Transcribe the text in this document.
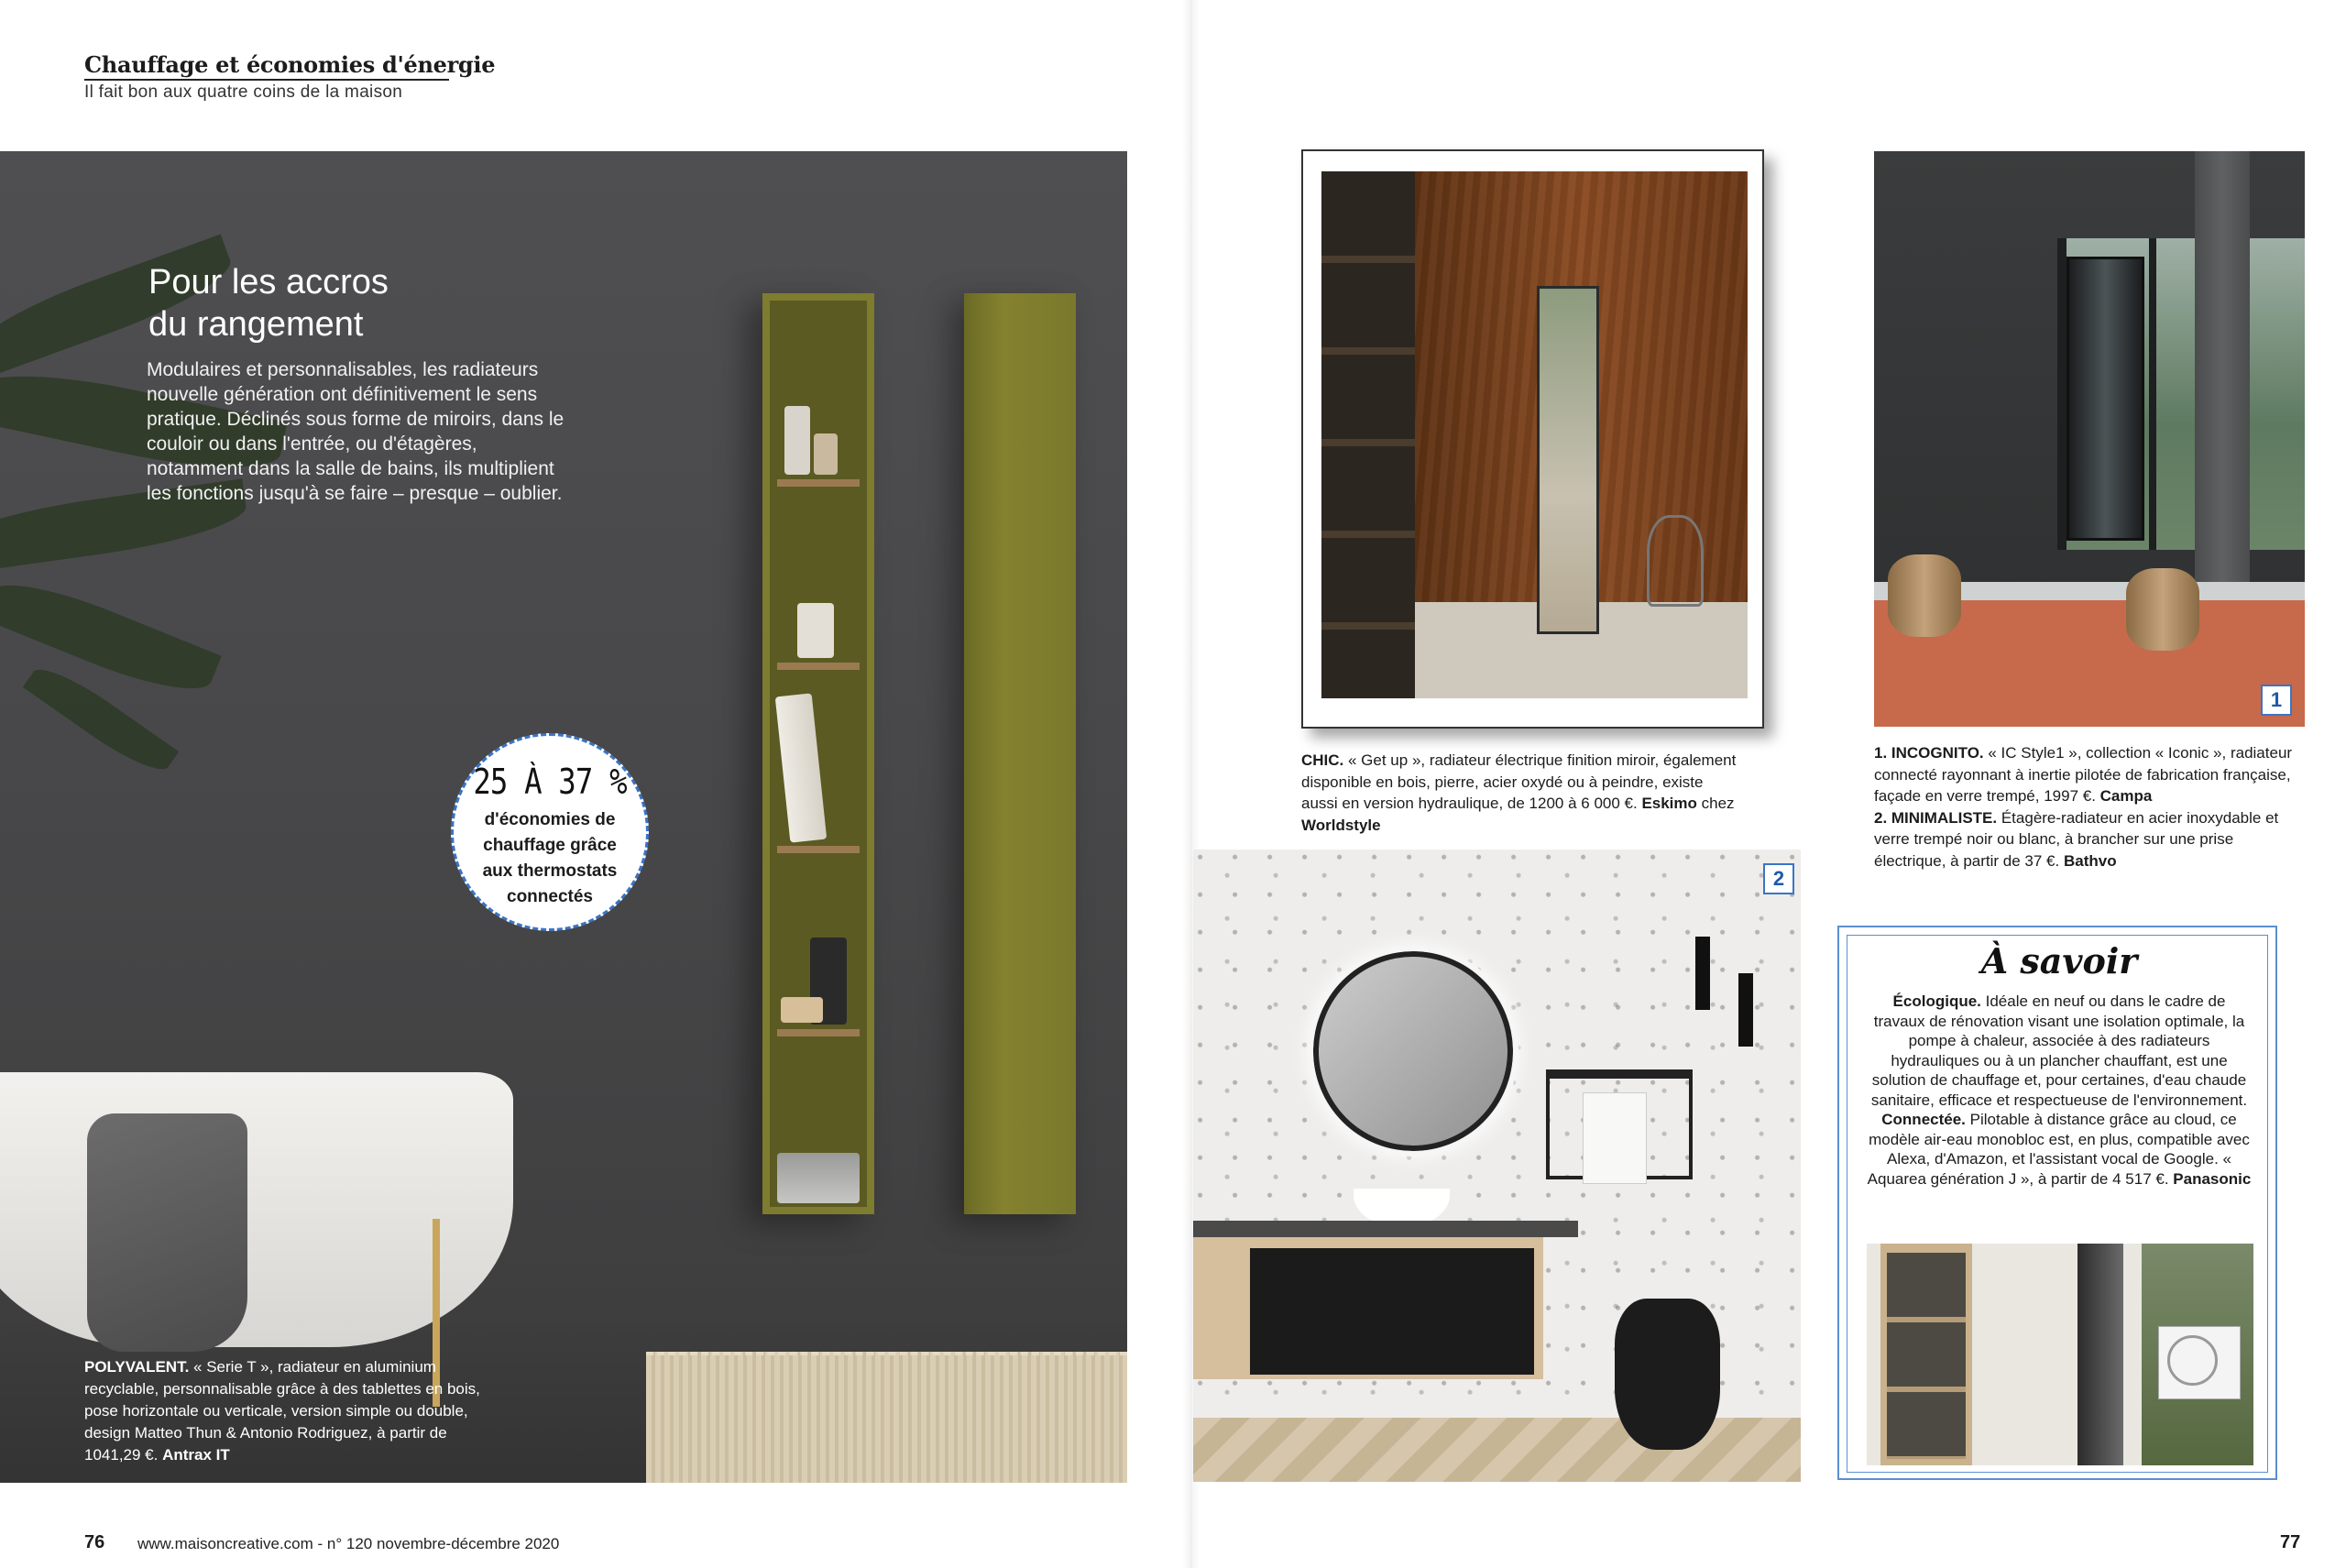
Chauffage et économies d'énergie
Il fait bon aux quatre coins de la maison
Pour les accros
du rangement
Modulaires et personnalisables, les radiateurs nouvelle génération ont définitivement le sens pratique. Déclinés sous forme de miroirs, dans le couloir ou dans l'entrée, ou d'étagères, notamment dans la salle de bains, ils multiplient les fonctions jusqu'à se faire – presque – oublier.
25 À 37 %
d'économies de chauffage grâce aux thermostats connectés
POLYVALENT. « Serie T », radiateur en aluminium recyclable, personnalisable grâce à des tablettes en bois, pose horizontale ou verticale, version simple ou double, design Matteo Thun & Antonio Rodriguez, à partir de 1041,29 €. Antrax IT
CHIC. « Get up », radiateur électrique finition miroir, également disponible en bois, pierre, acier oxydé ou à peindre, existe aussi en version hydraulique, de 1200 à 6 000 €. Eskimo chez Worldstyle
1
1. INCOGNITO. « IC Style1 », collection « Iconic », radiateur connecté rayonnant à inertie pilotée de fabrication française, façade en verre trempé, 1997 €. Campa
2. MINIMALISTE. Étagère-radiateur en acier inoxydable et verre trempé noir ou blanc, à brancher sur une prise électrique, à partir de 37 €. Bathvo
2
À savoir
Écologique. Idéale en neuf ou dans le cadre de travaux de rénovation visant une isolation optimale, la pompe à chaleur, associée à des radiateurs hydrauliques ou à un plancher chauffant, est une solution de chauffage et, pour certaines, d'eau chaude sanitaire, efficace et respectueuse de l'environnement.
Connectée. Pilotable à distance grâce au cloud, ce modèle air-eau monobloc est, en plus, compatible avec Alexa, d'Amazon, et l'assistant vocal de Google. « Aquarea génération J », à partir de 4 517 €. Panasonic
76 www.maisoncreative.com - n° 120 novembre-décembre 2020	77
